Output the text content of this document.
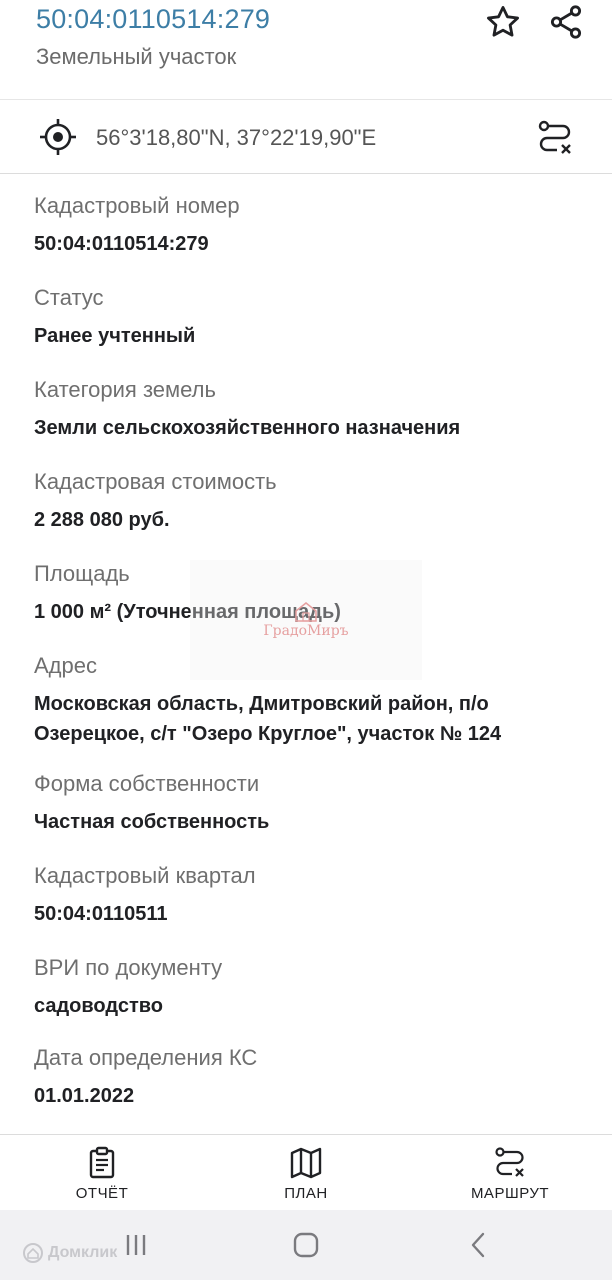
50:04:0110514:279
Земельный участок
56°3'18,80"N, 37°22'19,90"E
Кадастровый номер
50:04:0110514:279
Статус
Ранее учтенный
Категория земель
Земли сельскохозяйственного назначения
Кадастровая стоимость
2 288 080 руб.
Площадь
1 000 м² (Уточненная площадь)
Адрес
Московская область, Дмитровский район, п/о
Озерецкое, с/т "Озеро Круглое", участок № 124
Форма собственности
Частная собственность
Кадастровый квартал
50:04:0110511
ВРИ по документу
садоводство
Дата определения КС
01.01.2022
ГрадоМиръ
ОТЧЁТ	ПЛАН	МАРШРУТ
Домклик
